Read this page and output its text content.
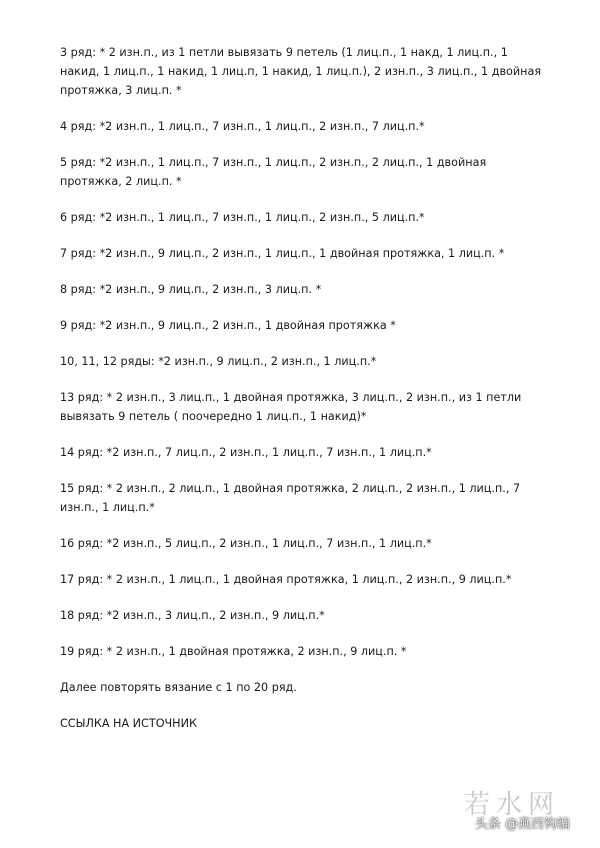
3 ряд: * 2 изн.п., из 1 петли вывязать 9 петель (1 лиц.п., 1 накд, 1 лиц.п., 1 накид, 1 лиц.п., 1 накид, 1 лиц.п, 1 накид, 1 лиц.п.), 2 изн.п., 3 лиц.п., 1 двойная протяжка, 3 лиц.п. *

4 ряд: *2 изн.п., 1 лиц.п., 7 изн.п., 1 лиц.п., 2 изн.п., 7 лиц.п.*

5 ряд: *2 изн.п., 1 лиц.п., 7 изн.п., 1 лиц.п., 2 изн.п., 2 лиц.п., 1 двойная протяжка, 2 лиц.п. *

6 ряд: *2 изн.п., 1 лиц.п., 7 изн.п., 1 лиц.п., 2 изн.п., 5 лиц.п.*

7 ряд: *2 изн.п., 9 лиц.п., 2 изн.п., 1 лиц.п., 1 двойная протяжка, 1 лиц.п. *

8 ряд: *2 изн.п., 9 лиц.п., 2 изн.п., 3 лиц.п. *

9 ряд: *2 изн.п., 9 лиц.п., 2 изн.п., 1 двойная протяжка *

10, 11, 12 ряды: *2 изн.п., 9 лиц.п., 2 изн.п., 1 лиц.п.*

13 ряд: * 2 изн.п., 3 лиц.п., 1 двойная протяжка, 3 лиц.п., 2 изн.п., из 1 петли вывязать 9 петель ( поочередно 1 лиц.п., 1 накид)*

14 ряд: *2 изн.п., 7 лиц.п., 2 изн.п., 1 лиц.п., 7 изн.п., 1 лиц.п.*

15 ряд: * 2 изн.п., 2 лиц.п., 1 двойная протяжка, 2 лиц.п., 2 изн.п., 1 лиц.п., 7 изн.п., 1 лиц.п.*

16 ряд: *2 изн.п., 5 лиц.п., 2 изн.п., 1 лиц.п., 7 изн.п., 1 лиц.п.*

17 ряд: * 2 изн.п., 1 лиц.п., 1 двойная протяжка, 1 лиц.п., 2 изн.п., 9 лиц.п.*

18 ряд: *2 изн.п., 3 лиц.п., 2 изн.п., 9 лиц.п.*

19 ряд: * 2 изн.п., 1 двойная протяжка, 2 изн.п., 9 лиц.п. *

Далее повторять вязание с 1 по 20 ряд.

ССЫЛКА НА ИСТОЧНИК

若水网
头条 @燕西钩编
